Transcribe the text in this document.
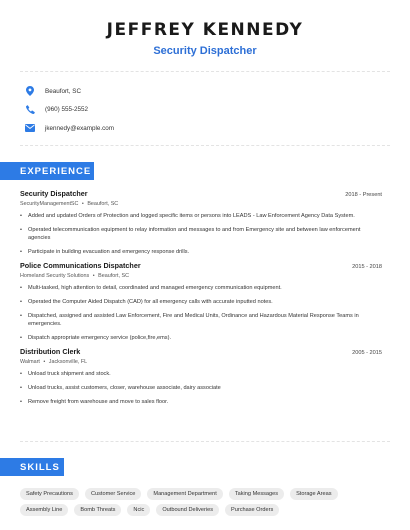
JEFFREY KENNEDY
Security Dispatcher
Beaufort, SC
(960) 555-2552
jkennedy@example.com
EXPERIENCE
Security Dispatcher	2018 - Present
SecurityManagementSC • Beaufort, SC
• Added and updated Orders of Protection and logged specific items or persons into LEADS - Law Enforcement Agency Data System.
• Operated telecommunication equipment to relay information and messages to and from Emergency site and between law enforcement agencies
• Participate in building evacuation and emergency response drills.
Police Communications Dispatcher	2015 - 2018
Homeland Security Solutions • Beaufort, SC
• Multi-tasked, high attention to detail, coordinated and managed emergency communication equipment.
• Operated the Computer Aided Dispatch (CAD) for all emergency calls with accurate inputted notes.
• Dispatched, assigned and assisted Law Enforcement, Fire and Medical Units, Ordinance and Hazardous Material Response Teams in emergencies.
• Dispatch appropriate emergency service (police,fire,ems).
Distribution Clerk	2005 - 2015
Walmart • Jacksonville, FL
• Unload truck shipment and stock.
• Unload trucks, assist customers, closer, warehouse associate, dairy associate
• Remove freight from warehouse and move to sales floor.
SKILLS
Safety Precautions	Customer Service	Management Department	Taking Messages	Storage Areas
Assembly Line	Bomb Threats	Ncic	Outbound Deliveries	Purchase Orders
